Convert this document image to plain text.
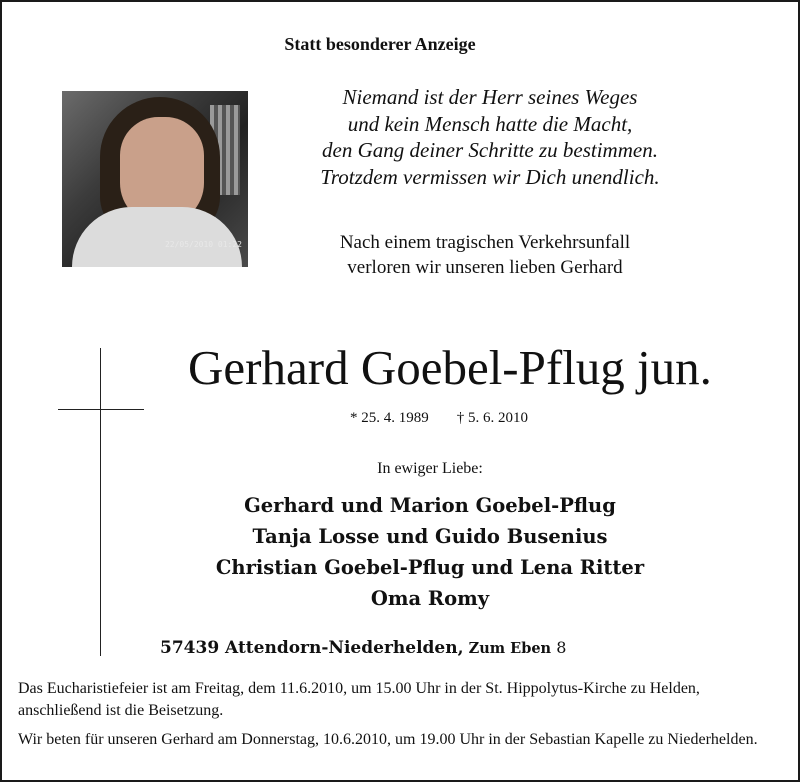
Statt besonderer Anzeige
22/05/2010 01:22
Niemand ist der Herr seines Weges
und kein Mensch hatte die Macht,
den Gang deiner Schritte zu bestimmen.
Trotzdem vermissen wir Dich unendlich.
Nach einem tragischen Verkehrsunfall
verloren wir unseren lieben Gerhard
Gerhard Goebel-Pflug jun.
* 25. 4. 1989 † 5. 6. 2010
In ewiger Liebe:
Gerhard und Marion Goebel-Pflug
Tanja Losse und Guido Busenius
Christian Goebel-Pflug und Lena Ritter
Oma Romy
57439 Attendorn-Niederhelden, Zum Eben 8

Das Eucharistiefeier ist am Freitag, dem 11.6.2010, um 15.00 Uhr in der St. Hippolytus-Kirche zu Helden, anschließend ist die Beisetzung.

Wir beten für unseren Gerhard am Donnerstag, 10.6.2010, um 19.00 Uhr in der Sebastian Kapelle zu Niederhelden.
